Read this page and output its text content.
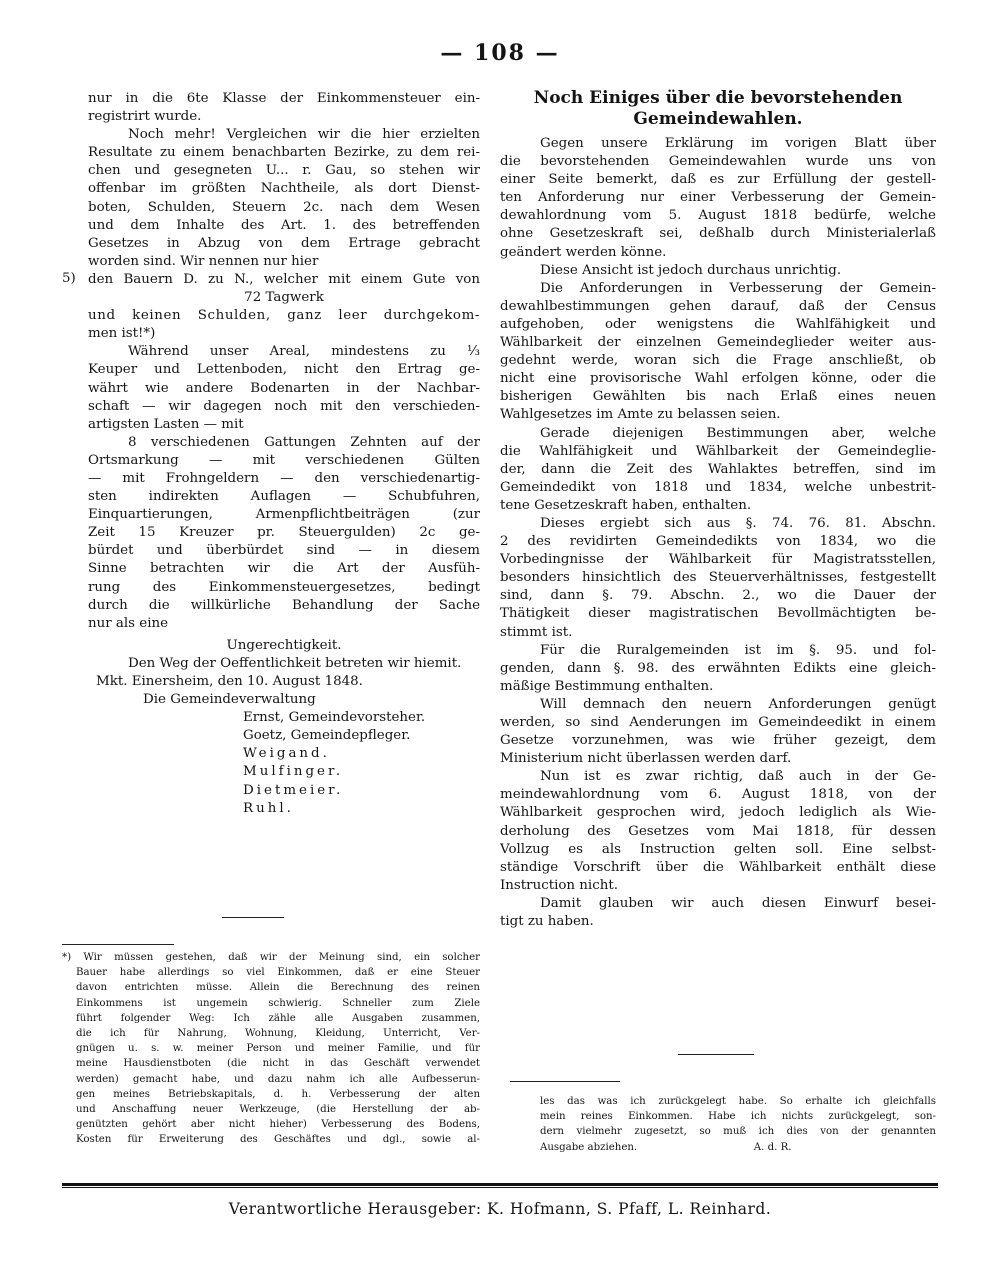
— 108 —
nur in die 6te Klasse der Einkommensteuer ein-
registrirt wurde.
Noch mehr! Vergleichen wir die hier erzielten
Resultate zu einem benachbarten Bezirke, zu dem rei-
chen und gesegneten U... r. Gau, so stehen wir
offenbar im größten Nachtheile, als dort Dienst-
boten, Schulden, Steuern 2c. nach dem Wesen
und dem Inhalte des Art. 1. des betreffenden
Gesetzes in Abzug von dem Ertrage gebracht
worden sind. Wir nennen nur hier
5) den Bauern D. zu N., welcher mit einem Gute von
72 Tagwerk
und keinen Schulden, ganz leer durchgekom-
men ist!*)
Während unser Areal, mindestens zu ⅓
Keuper und Lettenboden, nicht den Ertrag ge-
währt wie andere Bodenarten in der Nachbar-
schaft — wir dagegen noch mit den verschieden-
artigsten Lasten — mit
8 verschiedenen Gattungen Zehnten auf der
Ortsmarkung — mit verschiedenen Gülten
— mit Frohngeldern — den verschiedenartig-
sten indirekten Auflagen — Schubfuhren,
Einquartierungen, Armenpflichtbeiträgen (zur
Zeit 15 Kreuzer pr. Steuergulden) 2c ge-
bürdet und überbürdet sind — in diesem
Sinne betrachten wir die Art der Ausfüh-
rung des Einkommensteuergesetzes, bedingt
durch die willkürliche Behandlung der Sache
nur als eine
Ungerechtigkeit.
Den Weg der Oeffentlichkeit betreten wir hiemit.
Mkt. Einersheim, den 10. August 1848.
Die Gemeindeverwaltung
Ernst, Gemeindevorsteher.
Goetz, Gemeindepfleger.
Weigand.
Mulfinger.
Dietmeier.
Ruhl.
*) Wir müssen gestehen, daß wir der Meinung sind, ein solcher
Bauer habe allerdings so viel Einkommen, daß er eine Steuer
davon entrichten müsse. Allein die Berechnung des reinen
Einkommens ist ungemein schwierig. Schneller zum Ziele
führt folgender Weg: Ich zähle alle Ausgaben zusammen,
die ich für Nahrung, Wohnung, Kleidung, Unterricht, Ver-
gnügen u. s. w. meiner Person und meiner Familie, und für
meine Hausdienstboten (die nicht in das Geschäft verwendet
werden) gemacht habe, und dazu nahm ich alle Aufbesserun-
gen meines Betriebskapitals, d. h. Verbesserung der alten
und Anschaffung neuer Werkzeuge, (die Herstellung der ab-
genützten gehört aber nicht hieher) Verbesserung des Bodens,
Kosten für Erweiterung des Geschäftes und dgl., sowie al-
Noch Einiges über die bevorstehenden
Gemeindewahlen.
Gegen unsere Erklärung im vorigen Blatt über
die bevorstehenden Gemeindewahlen wurde uns von
einer Seite bemerkt, daß es zur Erfüllung der gestell-
ten Anforderung nur einer Verbesserung der Gemein-
dewahlordnung vom 5. August 1818 bedürfe, welche
ohne Gesetzeskraft sei, deßhalb durch Ministerialerlaß
geändert werden könne.
Diese Ansicht ist jedoch durchaus unrichtig.
Die Anforderungen in Verbesserung der Gemein-
dewahlbestimmungen gehen darauf, daß der Census
aufgehoben, oder wenigstens die Wahlfähigkeit und
Wählbarkeit der einzelnen Gemeindeglieder weiter aus-
gedehnt werde, woran sich die Frage anschließt, ob
nicht eine provisorische Wahl erfolgen könne, oder die
bisherigen Gewählten bis nach Erlaß eines neuen
Wahlgesetzes im Amte zu belassen seien.
Gerade diejenigen Bestimmungen aber, welche
die Wahlfähigkeit und Wählbarkeit der Gemeindeglie-
der, dann die Zeit des Wahlaktes betreffen, sind im
Gemeindedikt von 1818 und 1834, welche unbestrit-
tene Gesetzeskraft haben, enthalten.
Dieses ergiebt sich aus §. 74. 76. 81. Abschn.
2 des revidirten Gemeindedikts von 1834, wo die
Vorbedingnisse der Wählbarkeit für Magistratsstellen,
besonders hinsichtlich des Steuerverhältnisses, festgestellt
sind, dann §. 79. Abschn. 2., wo die Dauer der
Thätigkeit dieser magistratischen Bevollmächtigten be-
stimmt ist.
Für die Ruralgemeinden ist im §. 95. und fol-
genden, dann §. 98. des erwähnten Edikts eine gleich-
mäßige Bestimmung enthalten.
Will demnach den neuern Anforderungen genügt
werden, so sind Aenderungen im Gemeindeedikt in einem
Gesetze vorzunehmen, was wie früher gezeigt, dem
Ministerium nicht überlassen werden darf.
Nun ist es zwar richtig, daß auch in der Ge-
meindewahlordnung vom 6. August 1818, von der
Wählbarkeit gesprochen wird, jedoch lediglich als Wie-
derholung des Gesetzes vom Mai 1818, für dessen
Vollzug es als Instruction gelten soll. Eine selbst-
ständige Vorschrift über die Wählbarkeit enthält diese
Instruction nicht.
Damit glauben wir auch diesen Einwurf besei-
tigt zu haben.
les das was ich zurückgelegt habe. So erhalte ich gleichfalls
mein reines Einkommen. Habe ich nichts zurückgelegt, son-
dern vielmehr zugesetzt, so muß ich dies von der genannten
Ausgabe abziehen.                                    A. d. R.
Verantwortliche Herausgeber: K. Hofmann, S. Pfaff, L. Reinhard.
